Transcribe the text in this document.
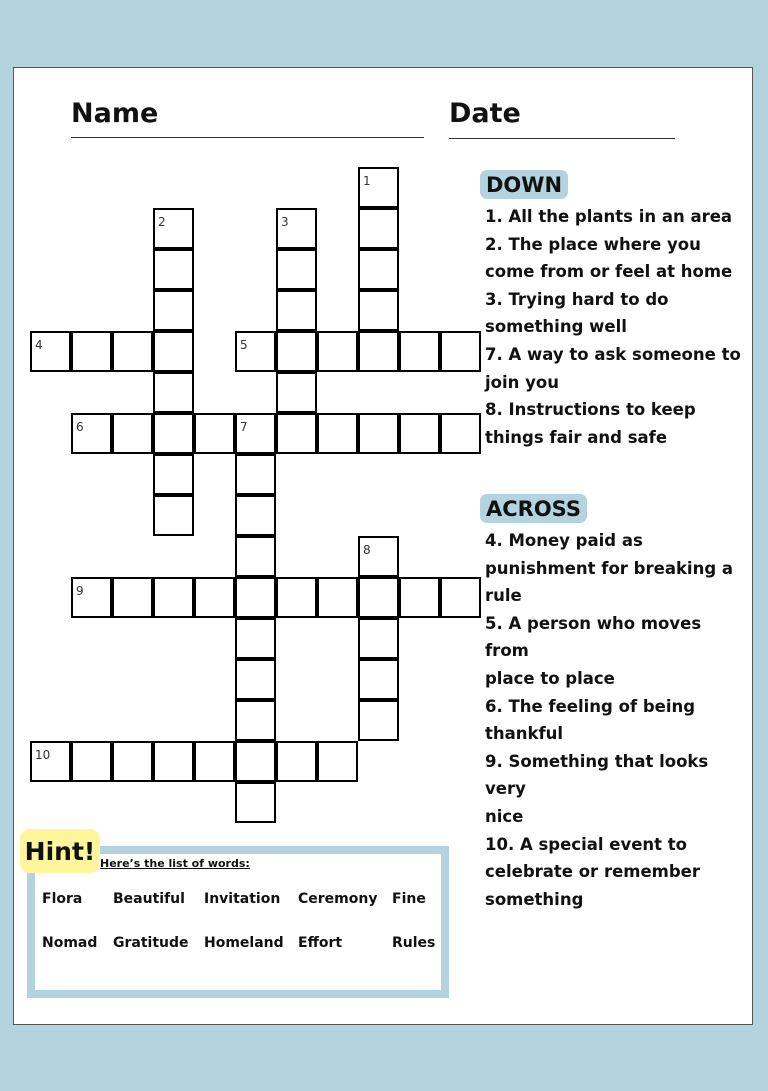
Name	Date
1
2	3
4	5
6	7
8
9
10
DOWN
1. All the plants in an area
2. The place where you
come from or feel at home
3. Trying hard to do
something well
7. A way to ask someone to
join you
8. Instructions to keep
things fair and safe
ACROSS
4. Money paid as
punishment for breaking a
rule
5. A person who moves from
place to place
6. The feeling of being
thankful
9. Something that looks very
nice
10. A special event to
celebrate or remember
something
Hint! Here’s the list of words:
Flora Beautiful Invitation Ceremony Fine
Nomad Gratitude Homeland Effort	Rules
